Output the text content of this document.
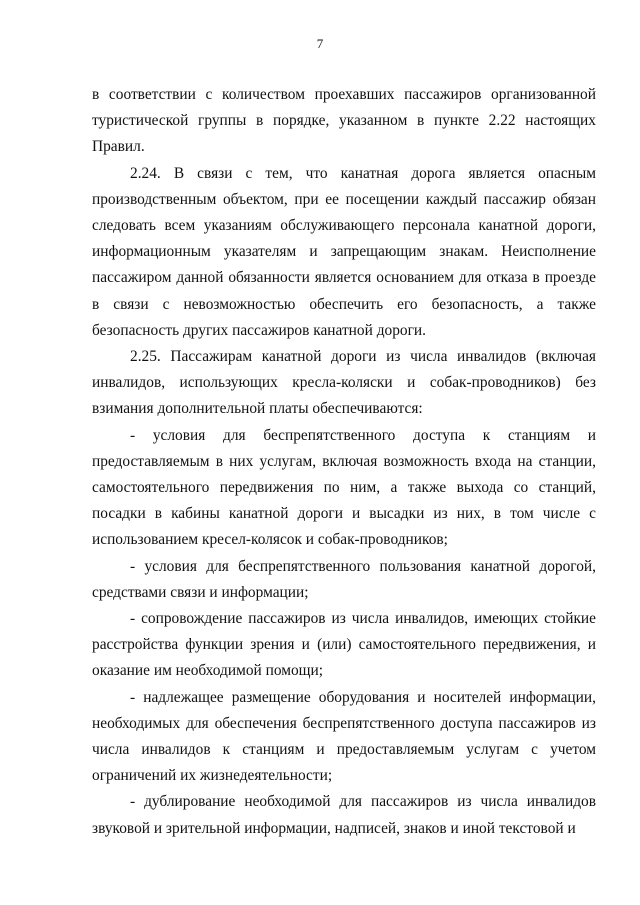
7

в соответствии с количеством проехавших пассажиров организованной туристической группы в порядке, указанном в пункте 2.22 настоящих Правил.

2.24. В связи с тем, что канатная дорога является опасным производственным объектом, при ее посещении каждый пассажир обязан следовать всем указаниям обслуживающего персонала канатной дороги, информационным указателям и запрещающим знакам. Неисполнение пассажиром данной обязанности является основанием для отказа в проезде в связи с невозможностью обеспечить его безопасность, а также безопасность других пассажиров канатной дороги.

2.25. Пассажирам канатной дороги из числа инвалидов (включая инвалидов, использующих кресла-коляски и собак-проводников) без взимания дополнительной платы обеспечиваются:

- условия для беспрепятственного доступа к станциям и предоставляемым в них услугам, включая возможность входа на станции, самостоятельного передвижения по ним, а также выхода со станций, посадки в кабины канатной дороги и высадки из них, в том числе с использованием кресел-колясок и собак-проводников;

- условия для беспрепятственного пользования канатной дорогой, средствами связи и информации;

- сопровождение пассажиров из числа инвалидов, имеющих стойкие расстройства функции зрения и (или) самостоятельного передвижения, и оказание им необходимой помощи;

- надлежащее размещение оборудования и носителей информации, необходимых для обеспечения беспрепятственного доступа пассажиров из числа инвалидов к станциям и предоставляемым услугам с учетом ограничений их жизнедеятельности;

- дублирование необходимой для пассажиров из числа инвалидов звуковой и зрительной информации, надписей, знаков и иной текстовой и
